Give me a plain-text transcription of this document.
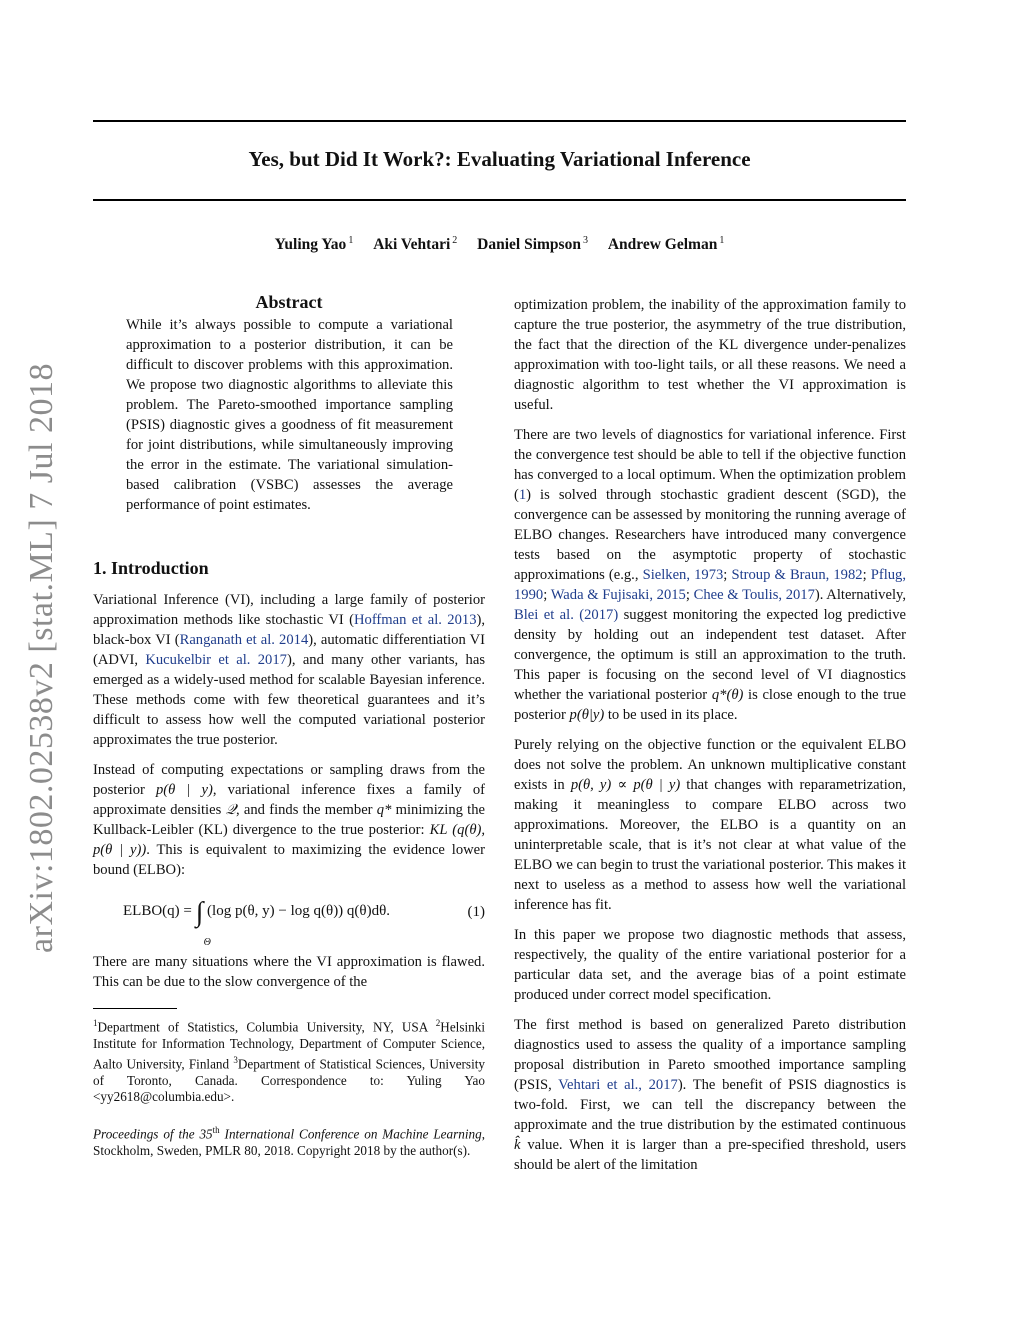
arXiv:1802.02538v2 [stat.ML] 7 Jul 2018
Yes, but Did It Work?: Evaluating Variational Inference
Yuling Yao $^1$ Aki Vehtari $^2$ Daniel Simpson $^3$ Andrew Gelman $^1$
Abstract

While it’s always possible to compute a variational approximation to a posterior distribution, it can be difficult to discover problems with this approximation. We propose two diagnostic algorithms to alleviate this problem. The Pareto-smoothed importance sampling (PSIS) diagnostic gives a goodness of fit measurement for joint distributions, while simultaneously improving the error in the estimate. The variational simulation-based calibration (VSBC) assesses the average performance of point estimates.

1. Introduction

Variational Inference (VI), including a large family of posterior approximation methods like stochastic VI (Hoffman et al. 2013), black-box VI (Ranganath et al. 2014), automatic differentiation VI (ADVI, Kucukelbir et al. 2017), and many other variants, has emerged as a widely-used method for scalable Bayesian inference. These methods come with few theoretical guarantees and it’s difficult to assess how well the computed variational posterior approximates the true posterior.

Instead of computing expectations or sampling draws from the posterior p(θ | y), variational inference fixes a family of approximate densities 𝒬, and finds the member q* minimizing the Kullback-Leibler (KL) divergence to the true posterior: KL (q(θ), p(θ | y)). This is equivalent to maximizing the evidence lower bound (ELBO):

ELBO(q) = ∫
Θ
(log p(θ, y) − log q(θ)) q(θ)dθ.	(1)

There are many situations where the VI approximation is flawed. This can be due to the slow convergence of the

$^1$Department of Statistics, Columbia University, NY, USA $^2$Helsinki Institute for Information Technology, Department of Computer Science, Aalto University, Finland $^3$Department of Statistical Sciences, University of Toronto, Canada. Correspondence to: Yuling Yao <yy2618@columbia.edu>.

Proceedings of the 35th International Conference on Machine Learning, Stockholm, Sweden, PMLR 80, 2018. Copyright 2018 by the author(s).

optimization problem, the inability of the approximation family to capture the true posterior, the asymmetry of the true distribution, the fact that the direction of the KL divergence under-penalizes approximation with too-light tails, or all these reasons. We need a diagnostic algorithm to test whether the VI approximation is useful.

There are two levels of diagnostics for variational inference. First the convergence test should be able to tell if the objective function has converged to a local optimum. When the optimization problem (1) is solved through stochastic gradient descent (SGD), the convergence can be assessed by monitoring the running average of ELBO changes. Researchers have introduced many convergence tests based on the asymptotic property of stochastic approximations (e.g., Sielken, 1973; Stroup & Braun, 1982; Pflug, 1990; Wada & Fujisaki, 2015; Chee & Toulis, 2017). Alternatively, Blei et al. (2017) suggest monitoring the expected log predictive density by holding out an independent test dataset. After convergence, the optimum is still an approximation to the truth. This paper is focusing on the second level of VI diagnostics whether the variational posterior q*(θ) is close enough to the true posterior p(θ|y) to be used in its place.

Purely relying on the objective function or the equivalent ELBO does not solve the problem. An unknown multiplicative constant exists in p(θ, y) ∝ p(θ | y) that changes with reparametrization, making it meaningless to compare ELBO across two approximations. Moreover, the ELBO is a quantity on an uninterpretable scale, that is it’s not clear at what value of the ELBO we can begin to trust the variational posterior. This makes it next to useless as a method to assess how well the variational inference has fit.

In this paper we propose two diagnostic methods that assess, respectively, the quality of the entire variational posterior for a particular data set, and the average bias of a point estimate produced under correct model specification.

The first method is based on generalized Pareto distribution diagnostics used to assess the quality of a importance sampling proposal distribution in Pareto smoothed importance sampling (PSIS, Vehtari et al., 2017). The benefit of PSIS diagnostics is two-fold. First, we can tell the discrepancy between the approximate and the true distribution by the estimated continuous k̂ value. When it is larger than a pre-specified threshold, users should be alert of the limitation
